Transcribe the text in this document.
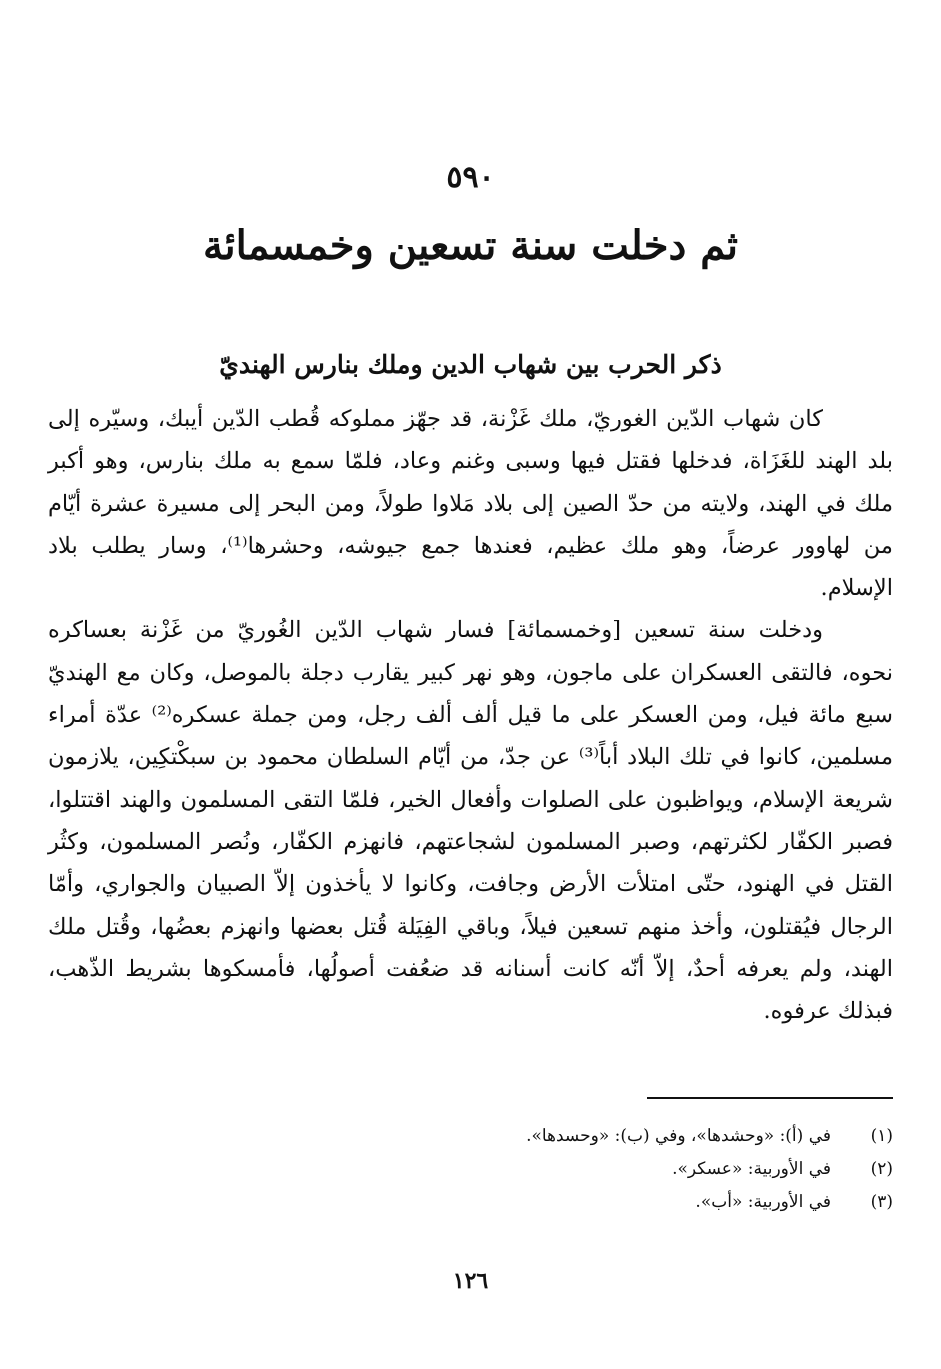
٥٩٠
ثم دخلت سنة تسعين وخمسمائة
ذكر الحرب بين شهاب الدين وملك بنارس الهنديّ

كان شهاب الدّين الغوريّ، ملك غَزْنة، قد جهّز مملوكه قُطب الدّين أيبك، وسيّره إلى بلد الهند للغَزَاة، فدخلها فقتل فيها وسبى وغنم وعاد، فلمّا سمع به ملك بنارس، وهو أكبر ملك في الهند، ولايته من حدّ الصين إلى بلاد مَلاوا طولاً، ومن البحر إلى مسيرة عشرة أيّام من لهاوور عرضاً، وهو ملك عظيم، فعندها جمع جيوشه، وحشرها⁽¹⁾، وسار يطلب بلاد الإسلام.

ودخلت سنة تسعين [وخمسمائة] فسار شهاب الدّين الغُوريّ من غَزْنة بعساكره نحوه، فالتقى العسكران على ماجون، وهو نهر كبير يقارب دجلة بالموصل، وكان مع الهنديّ سبع مائة فيل، ومن العسكر على ما قيل ألف ألف رجل، ومن جملة عسكره⁽²⁾ عدّة أمراء مسلمين، كانوا في تلك البلاد أباً⁽³⁾ عن جدّ، من أيّام السلطان محمود بن سبكْتكِين، يلازمون شريعة الإسلام، ويواظبون على الصلوات وأفعال الخير، فلمّا التقى المسلمون والهند اقتتلوا، فصبر الكفّار لكثرتهم، وصبر المسلمون لشجاعتهم، فانهزم الكفّار، ونُصر المسلمون، وكثُر القتل في الهنود، حتّى امتلأت الأرض وجافت، وكانوا لا يأخذون إلاّ الصبيان والجواري، وأمّا الرجال فيُقتلون، وأخذ منهم تسعين فيلاً، وباقي الفِيَلة قُتل بعضها وانهزم بعضُها، وقُتل ملك الهند، ولم يعرفه أحدٌ، إلاّ أنّه كانت أسنانه قد ضعُفت أصولُها، فأمسكوها بشريط الذّهب، فبذلك عرفوه.

(١)
في (أ): «وحشدها»، وفي (ب): «وحسدها».
(٢)
في الأوربية: «عسكر».
(٣)
في الأوربية: «أب».
١٢٦
